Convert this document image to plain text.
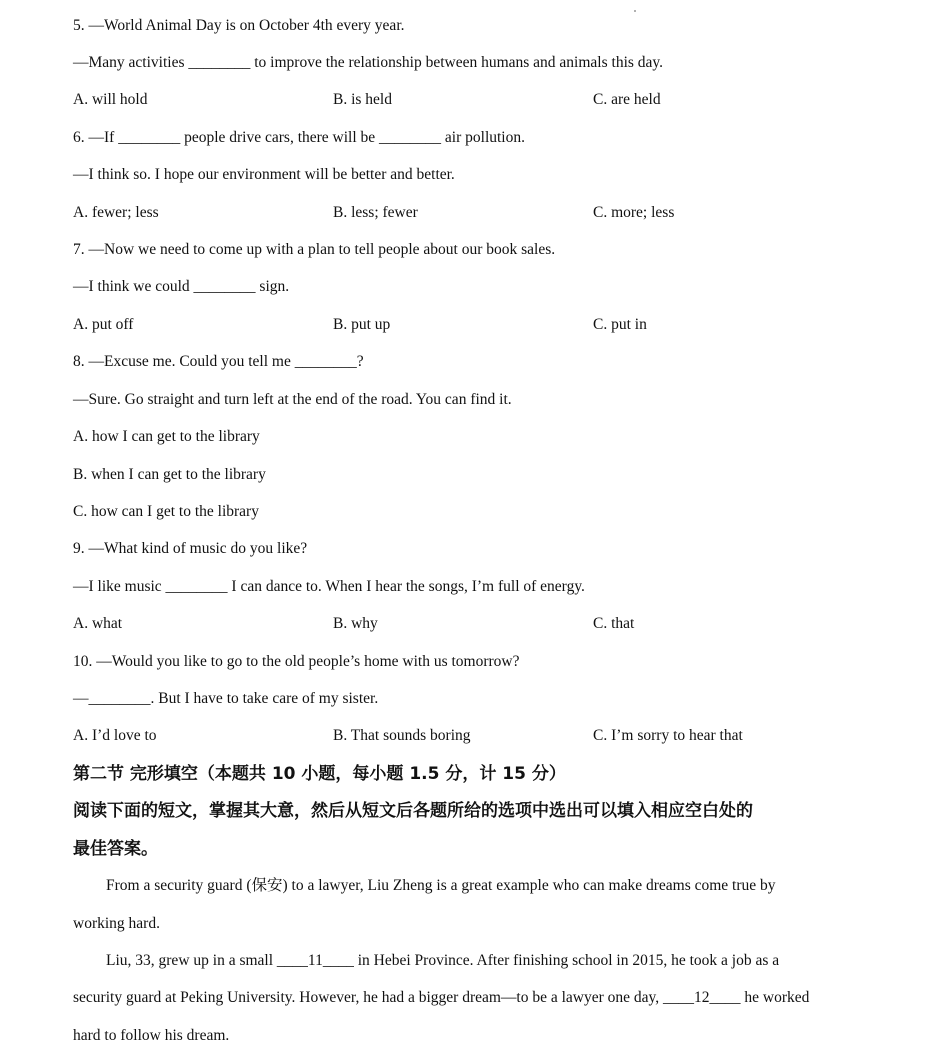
5. —World Animal Day is on October 4th every year.
—Many activities ________ to improve the relationship between humans and animals this day.
A. will hold	B. is held	C. are held
6. —If ________ people drive cars, there will be ________ air pollution.
—I think so. I hope our environment will be better and better.
A. fewer; less	B. less; fewer	C. more; less
7. —Now we need to come up with a plan to tell people about our book sales.
—I think we could ________ sign.
A. put off	B. put up	C. put in
8. —Excuse me. Could you tell me ________?
—Sure. Go straight and turn left at the end of the road. You can find it.
A. how I can get to the library
B. when I can get to the library
C. how can I get to the library
9. —What kind of music do you like?
—I like music ________ I can dance to. When I hear the songs, I’m full of energy.
A. what	B. why	C. that
10. —Would you like to go to the old people’s home with us tomorrow?
—________. But I have to take care of my sister.
A. I’d love to	B. That sounds boring	C. I’m sorry to hear that
第二节 完形填空（本题共 10 小题，每小题 1.5 分，计 15 分）
阅读下面的短文，掌握其大意，然后从短文后各题所给的选项中选出可以填入相应空白处的
最佳答案。
From a security guard (保安) to a lawyer, Liu Zheng is a great example who can make dreams come true by
working hard.
Liu, 33, grew up in a small ____11____ in Hebei Province. After finishing school in 2015, he took a job as a
security guard at Peking University. However, he had a bigger dream—to be a lawyer one day, ____12____ he worked
hard to follow his dream.
